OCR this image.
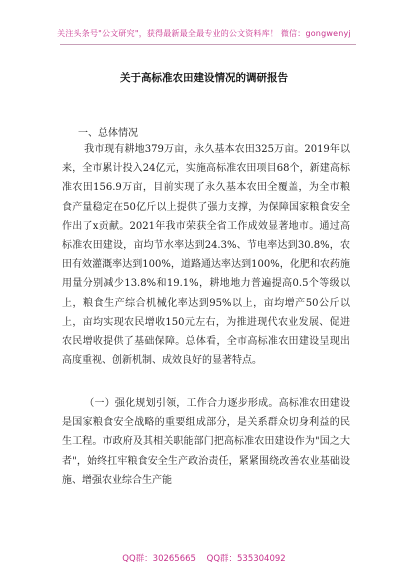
关注头条号"公文研究"，获得最新最全最专业的公文资料库！ 微信：gongwenyj
关于高标准农田建设情况的调研报告
一、总体情况
我市现有耕地379万亩，永久基本农田325万亩。2019年以来，全市累计投入24亿元，实施高标准农田项目68个，新建高标准农田156.9万亩，目前实现了永久基本农田全覆盖，为全市粮食产量稳定在50亿斤以上提供了强力支撑，为保障国家粮食安全作出了x贡献。2021年我市荣获全省工作成效显著地市。通过高标准农田建设，亩均节水率达到24.3%、节电率达到30.8%，农田有效灌溉率达到100%，道路通达率达到100%，化肥和农药施用量分别减少13.8%和19.1%，耕地地力普遍提高0.5个等级以上，粮食生产综合机械化率达到95%以上，亩均增产50公斤以上，亩均实现农民增收150元左右，为推进现代农业发展、促进农民增收提供了基础保障。总体看，全市高标准农田建设呈现出高度重视、创新机制、成效良好的显著特点。
（一）强化规划引领，工作合力逐步形成。高标准农田建设是国家粮食安全战略的重要组成部分，是关系群众切身利益的民生工程。市政府及其相关职能部门把高标准农田建设作为"国之大者"，始终扛牢粮食安全生产政治责任，紧紧围绕改善农业基础设施、增强农业综合生产能
QQ群：30265665 QQ群：535304092
